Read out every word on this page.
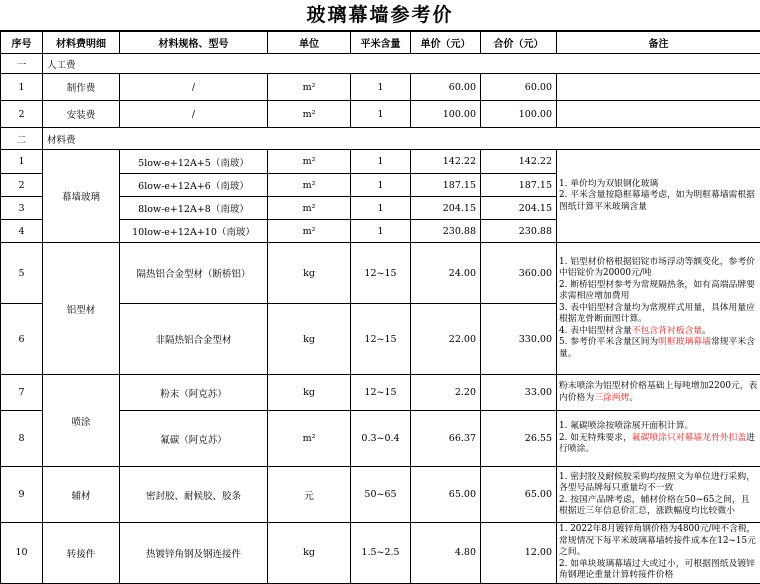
玻璃幕墙参考价
序号	材料费明细	材料规格、型号	单位	平米含量	单价（元）	合价（元）	备注
一	人工费						
1	制作费	/	m²	1	60.00	60.00	
2	安装费	/	m²	1	100.00	100.00	
二	材料费						
1	幕墙玻璃	5low-e+12A+5（南玻）	m²	1	142.22	142.22	1. 单价均为双银钢化玻璃
2. 平米含量按隐框幕墙考虑，如为明框幕墙需根据图纸计算平米玻璃含量

2		6low-e+12A+6（南玻）	m²	1	187.15	187.15	
3		8low-e+12A+8（南玻）	m²	1	204.15	204.15	
4		10low-e+12A+10（南玻）	m²	1	230.88	230.88	
5	铝型材	隔热铝合金型材（断桥铝）	kg	12~15	24.00	360.00	1. 铝型材价格根据铝锭市场浮动等额变化，参考价中铝锭价为20000元/吨
2. 断桥铝型材参考为常规隔热条，如有高端品牌要求需相应增加费用
3. 表中铝型材含量均为常规样式用量，具体用量应根据龙骨断面图计算。
4. 表中铝型材含量不包含背衬板含量。
5. 参考价平米含量区间为明框玻璃幕墙常规平米含量。

6		非隔热铝合金型材	kg	12~15	22.00	330.00	
7	喷涂	粉末（阿克苏）	kg	12~15	2.20	33.00	粉末喷涂为铝型材价格基础上每吨增加2200元，表内价格为三涂两烤。
8		氟碳（阿克苏）	m²	0.3~0.4	66.37	26.55	1. 氟碳喷涂按喷涂展开面积计算。
2. 如无特殊要求，氟碳喷涂只对幕墙龙骨外扣盖进行喷涂。

9	辅材	密封胶、耐候胶、胶条	元	50~65	65.00	65.00	1. 密封胶及耐候胶采购均按照文为单位进行采购，各型号品牌每只重量均不一致
2. 按国产品牌考虑，辅材价格在50~65之间，且根据近三年信息价汇总，涨跌幅度均比较微小

10	转接件	热镀锌角钢及钢连接件	kg	1.5~2.5	4.80	12.00	1. 2022年8月镀锌角钢价格为4800元/吨不含税，常规情况下每平米玻璃幕墙转接件成本在12~15元之间。
2. 如单块玻璃幕墙过大或过小，可根据图纸及镀锌角钢理论重量计算转接件价格
